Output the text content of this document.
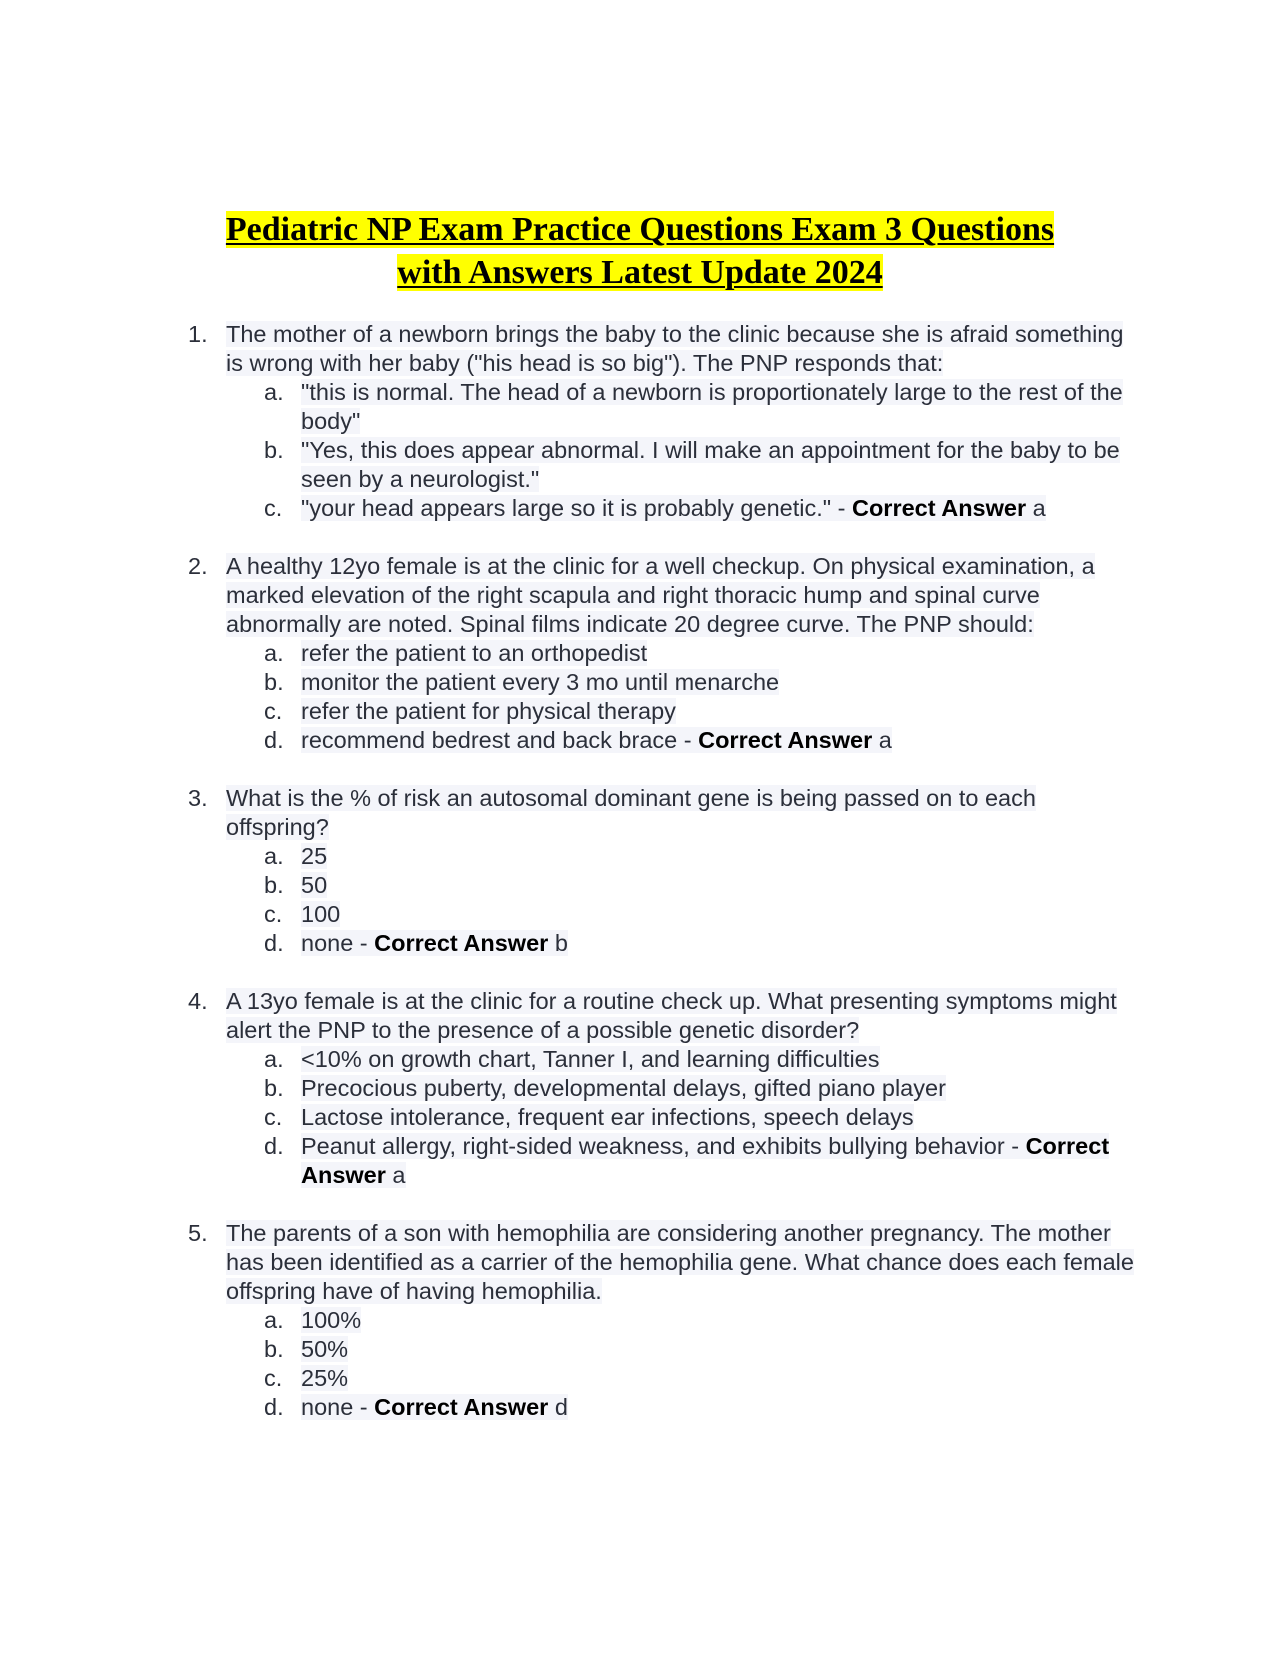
Pediatric NP Exam Practice Questions Exam 3 Questions
with Answers Latest Update 2024
1. The mother of a newborn brings the baby to the clinic because she is afraid something is wrong with her baby ("his head is so big"). The PNP responds that:
a. "this is normal. The head of a newborn is proportionately large to the rest of the body"
b. "Yes, this does appear abnormal. I will make an appointment for the baby to be seen by a neurologist."
c. "your head appears large so it is probably genetic." - Correct Answer a
2. A healthy 12yo female is at the clinic for a well checkup. On physical examination, a marked elevation of the right scapula and right thoracic hump and spinal curve abnormally are noted. Spinal films indicate 20 degree curve. The PNP should:
a. refer the patient to an orthopedist
b. monitor the patient every 3 mo until menarche
c. refer the patient for physical therapy
d. recommend bedrest and back brace - Correct Answer a
3. What is the % of risk an autosomal dominant gene is being passed on to each offspring?
a. 25
b. 50
c. 100
d. none - Correct Answer b
4. A 13yo female is at the clinic for a routine check up. What presenting symptoms might alert the PNP to the presence of a possible genetic disorder?
a. <10% on growth chart, Tanner I, and learning difficulties
b. Precocious puberty, developmental delays, gifted piano player
c. Lactose intolerance, frequent ear infections, speech delays
d. Peanut allergy, right-sided weakness, and exhibits bullying behavior - Correct Answer a
5. The parents of a son with hemophilia are considering another pregnancy. The mother has been identified as a carrier of the hemophilia gene. What chance does each female offspring have of having hemophilia.
a. 100%
b. 50%
c. 25%
d. none - Correct Answer d
